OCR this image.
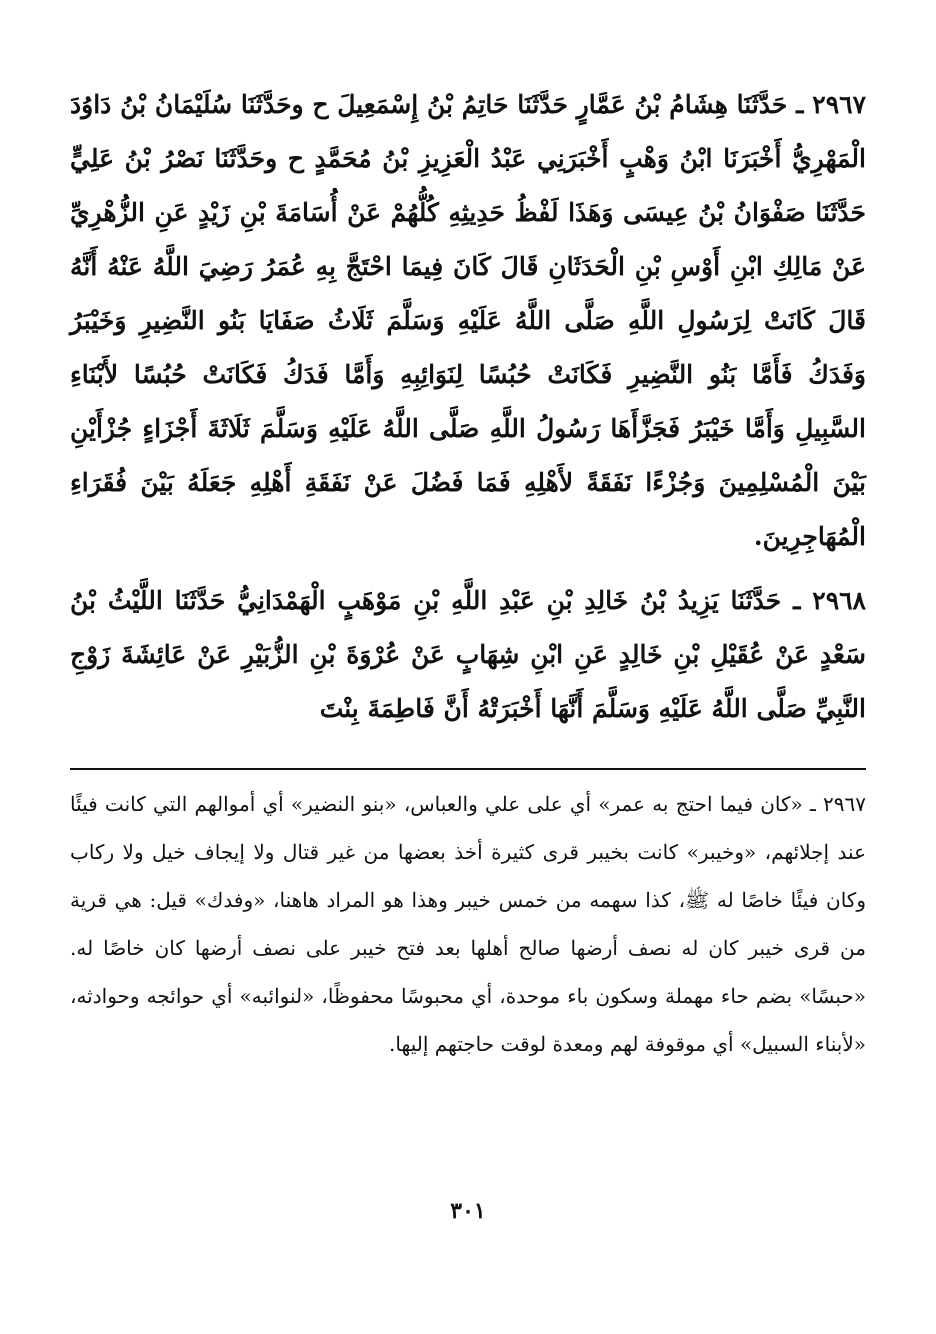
٢٩٦٧ ـ حَدَّثَنَا هِشَامُ بْنُ عَمَّارٍ حَدَّثَنَا حَاتِمُ بْنُ إِسْمَعِيلَ ح وحَدَّثَنَا سُلَيْمَانُ بْنُ دَاوُدَ الْمَهْرِيُّ أَخْبَرَنَا ابْنُ وَهْبٍ أَخْبَرَنِي عَبْدُ الْعَزِيزِ بْنُ مُحَمَّدٍ ح وحَدَّثَنَا نَصْرُ بْنُ عَلِيٍّ حَدَّثَنَا صَفْوَانُ بْنُ عِيسَى وَهَذَا لَفْظُ حَدِيثِهِ كُلُّهُمْ عَنْ أُسَامَةَ بْنِ زَيْدٍ عَنِ الزُّهْرِيِّ عَنْ مَالِكِ ابْنِ أَوْسِ بْنِ الْحَدَثَانِ قَالَ كَانَ فِيمَا احْتَجَّ بِهِ عُمَرُ رَضِيَ اللَّهُ عَنْهُ أَنَّهُ قَالَ كَانَتْ لِرَسُولِ اللَّهِ صَلَّى اللَّهُ عَلَيْهِ وَسَلَّمَ ثَلَاثُ صَفَايَا بَنُو النَّضِيرِ وَخَيْبَرُ وَفَدَكُ فَأَمَّا بَنُو النَّضِيرِ فَكَانَتْ حُبُسًا لِنَوَائِبِهِ وَأَمَّا فَدَكُ فَكَانَتْ حُبُسًا لأَبْنَاءِ السَّبِيلِ وَأَمَّا خَيْبَرُ فَجَزَّأَهَا رَسُولُ اللَّهِ صَلَّى اللَّهُ عَلَيْهِ وَسَلَّمَ ثَلَاثَةَ أَجْزَاءٍ جُزْأَيْنِ بَيْنَ الْمُسْلِمِينَ وَجُزْءًا نَفَقَةً لأَهْلِهِ فَمَا فَضُلَ عَنْ نَفَقَةِ أَهْلِهِ جَعَلَهُ بَيْنَ فُقَرَاءِ الْمُهَاجِرِينَ.

٢٩٦٨ ـ حَدَّثَنَا يَزِيدُ بْنُ خَالِدِ بْنِ عَبْدِ اللَّهِ بْنِ مَوْهَبٍ الْهَمْدَانِيُّ حَدَّثَنَا اللَّيْثُ بْنُ سَعْدٍ عَنْ عُقَيْلِ بْنِ خَالِدٍ عَنِ ابْنِ شِهَابٍ عَنْ عُرْوَةَ بْنِ الزُّبَيْرِ عَنْ عَائِشَةَ زَوْجِ النَّبِيِّ صَلَّى اللَّهُ عَلَيْهِ وَسَلَّمَ أَنَّهَا أَخْبَرَتْهُ أَنَّ فَاطِمَةَ بِنْتَ

٢٩٦٧ ـ «كان فيما احتج به عمر» أي على علي والعباس، «بنو النضير» أي أموالهم التي كانت فيئًا عند إجلائهم، «وخيبر» كانت بخيبر قرى كثيرة أخذ بعضها من غير قتال ولا إيجاف خيل ولا ركاب وكان فيئًا خاصًا له ﷺ، كذا سهمه من خمس خيبر وهذا هو المراد هاهنا، «وفدك» قيل: هي قرية من قرى خيبر كان له نصف أرضها صالح أهلها بعد فتح خيبر على نصف أرضها كان خاصًا له. «حبسًا» بضم حاء مهملة وسكون باء موحدة، أي محبوسًا محفوظًا، «لنوائبه» أي حوائجه وحوادثه، «لأبناء السبيل» أي موقوفة لهم ومعدة لوقت حاجتهم إليها.

٣٠١
